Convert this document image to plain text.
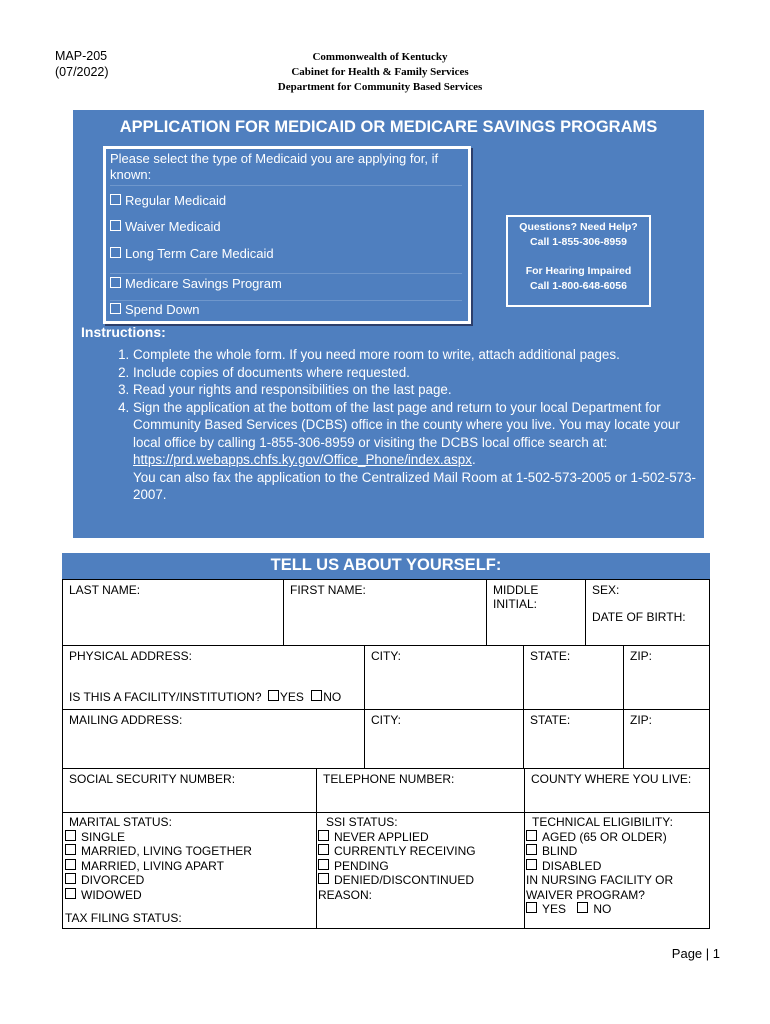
MAP-205
(07/2022)
Commonwealth of Kentucky
Cabinet for Health & Family Services
Department for Community Based Services
APPLICATION FOR MEDICAID OR MEDICARE SAVINGS PROGRAMS
Please select the type of Medicaid you are applying for, if known:
Regular Medicaid
Waiver Medicaid
Long Term Care Medicaid
Medicare Savings Program
Spend Down
Questions? Need Help?
Call 1-855-306-8959
For Hearing Impaired
Call 1-800-648-6056
Instructions:
1. Complete the whole form. If you need more room to write, attach additional pages.
2. Include copies of documents where requested.
3. Read your rights and responsibilities on the last page.
4. Sign the application at the bottom of the last page and return to your local Department for Community Based Services (DCBS) office in the county where you live. You may locate your local office by calling 1-855-306-8959 or visiting the DCBS local office search at:
https://prd.webapps.chfs.ky.gov/Office_Phone/index.aspx.
You can also fax the application to the Centralized Mail Room at 1-502-573-2005 or 1-502-573-2007.
TELL US ABOUT YOURSELF:
LAST NAME:	FIRST NAME:	MIDDLE INITIAL:
SEX:
DATE OF BIRTH:
PHYSICAL ADDRESS:	CITY:	STATE:	ZIP:
IS THIS A FACILITY/INSTITUTION? YES NO
MAILING ADDRESS:	CITY:	STATE:	ZIP:
SOCIAL SECURITY NUMBER:	TELEPHONE NUMBER:	COUNTY WHERE YOU LIVE:
MARITAL STATUS:
SINGLE
MARRIED, LIVING TOGETHER
MARRIED, LIVING APART
DIVORCED
WIDOWED
TAX FILING STATUS:
SSI STATUS:
NEVER APPLIED
CURRENTLY RECEIVING
PENDING
DENIED/DISCONTINUED
REASON:
TECHNICAL ELIGIBILITY:
AGED (65 OR OLDER)
BLIND
DISABLED
IN NURSING FACILITY OR WAIVER PROGRAM?
YES NO
Page | 1
